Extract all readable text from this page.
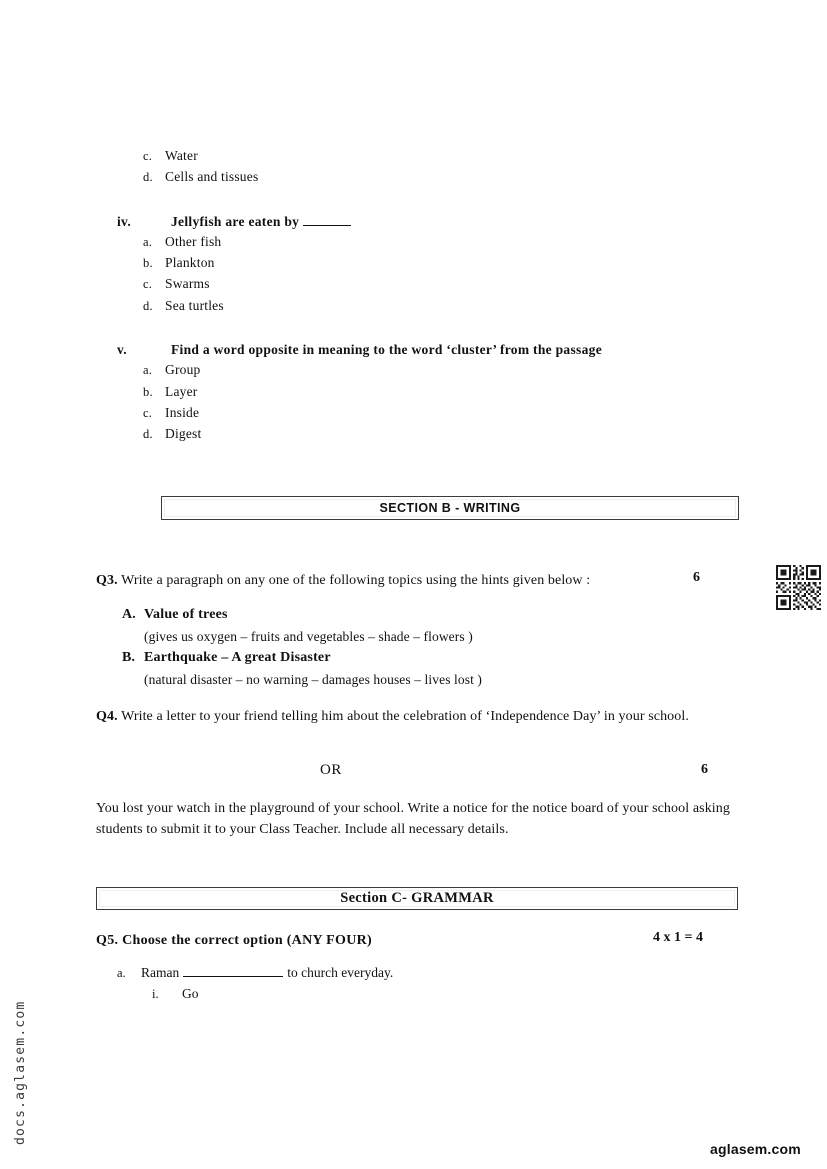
c. Water
d. Cells and tissues
iv.	Jellyfish are eaten by
a. Other fish
b. Plankton
c. Swarms
d. Sea turtles
v.	Find a word opposite in meaning to the word ‘cluster’ from the passage
a. Group
b. Layer
c. Inside
d. Digest
SECTION B - WRITING
Q3. Write a paragraph on any one of the following topics using the hints given below :	6
A. Value of trees
(gives us oxygen – fruits and vegetables – shade – flowers )
B. Earthquake – A great Disaster
(natural disaster – no warning – damages houses – lives lost )
Q4. Write a letter to your friend telling him about the celebration of ‘Independence Day’ in your school.
OR	6
You lost your watch in the playground of your school. Write a notice for the notice board of your school asking students to submit it to your Class Teacher. Include all necessary details.
Section C- GRAMMAR
Q5. Choose the correct option (ANY FOUR)	4 x 1 = 4
a.	Raman	to church everyday.
i.	Go
docs.aglasem.com
aglasem.com
